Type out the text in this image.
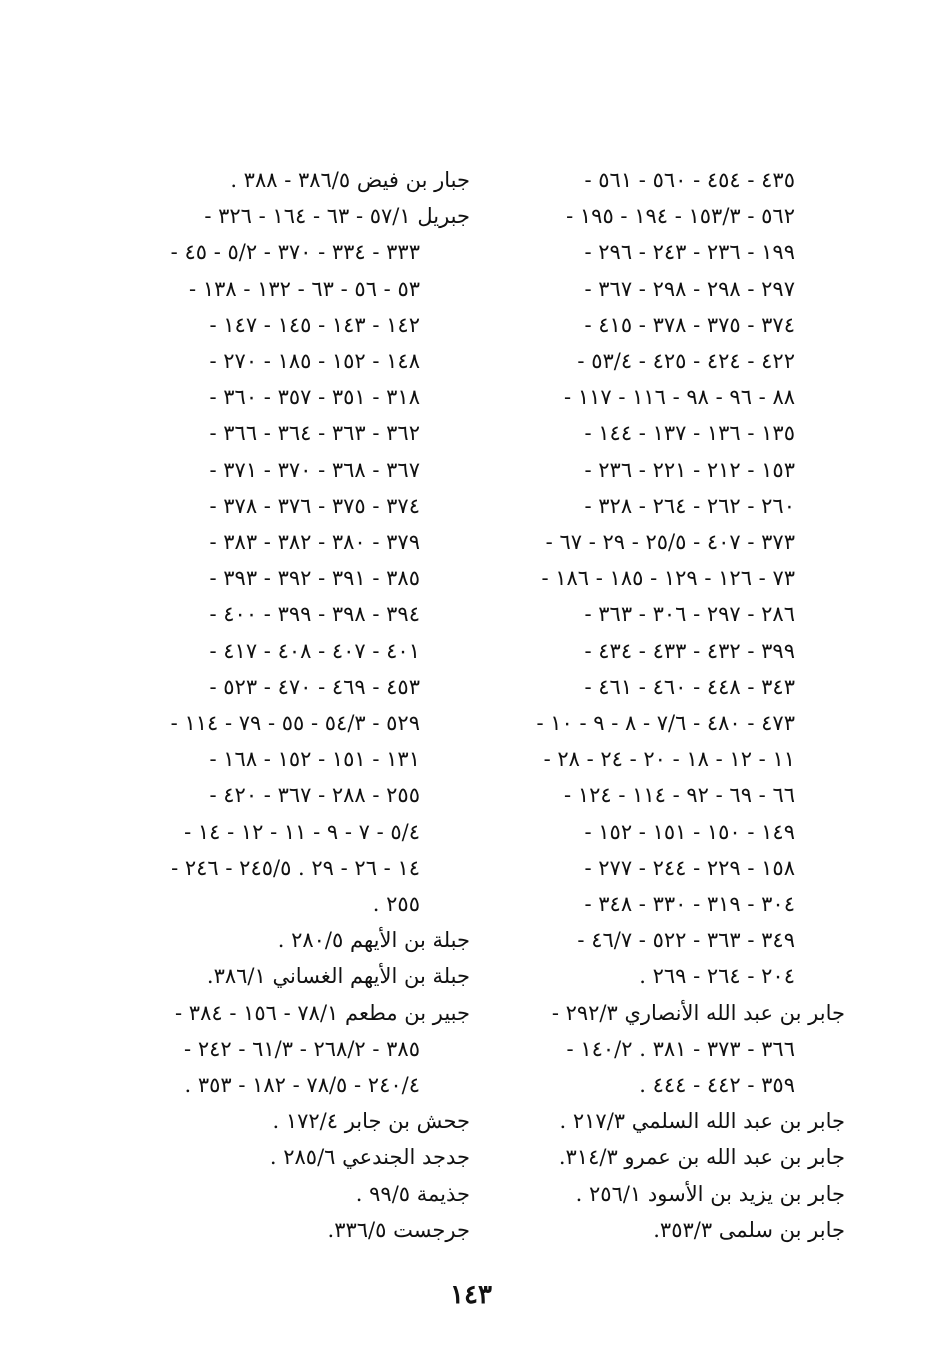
٤٣٥ - ٤٥٤ - ٥٦٠ - ٥٦١ -
٥٦٢ - ١٥٣/٣ - ١٩٤ - ١٩٥ -
١٩٩ - ٢٣٦ - ٢٤٣ - ٢٩٦ -
٢٩٧ - ٢٩٨ - ٢٩٨ - ٣٦٧ -
٣٧٤ - ٣٧٥ - ٣٧٨ - ٤١٥ -
٤٢٢ - ٤٢٤ - ٤٢٥ - ٥٣/٤ -
٨٨ - ٩٦ - ٩٨ - ١١٦ - ١١٧ -
١٣٥ - ١٣٦ - ١٣٧ - ١٤٤ -
١٥٣ - ٢١٢ - ٢٢١ - ٢٣٦ -
٢٦٠ - ٢٦٢ - ٢٦٤ - ٣٢٨ -
٣٧٣ - ٤٠٧ - ٢٥/٥ - ٢٩ - ٦٧ -
٧٣ - ١٢٦ - ١٢٩ - ١٨٥ - ١٨٦ -
٢٨٦ - ٢٩٧ - ٣٠٦ - ٣٦٣ -
٣٩٩ - ٤٣٢ - ٤٣٣ - ٤٣٤ -
٣٤٣ - ٤٤٨ - ٤٦٠ - ٤٦١ -
٤٧٣ - ٤٨٠ - ٧/٦ - ٨ - ٩ - ١٠ -
١١ - ١٢ - ١٨ - ٢٠ - ٢٤ - ٢٨ -
٦٦ - ٦٩ - ٩٢ - ١١٤ - ١٢٤ -
١٤٩ - ١٥٠ - ١٥١ - ١٥٢ -
١٥٨ - ٢٢٩ - ٢٤٤ - ٢٧٧ -
٣٠٤ - ٣١٩ - ٣٣٠ - ٣٤٨ -
٣٤٩ - ٣٦٣ - ٥٢٢ - ٤٦/٧ -
٢٠٤ - ٢٦٤ - ٢٦٩ .
جابر بن عبد الله الأنصاري ٢٩٢/٣ -
٣٦٦ - ٣٧٣ - ٣٨١ . ١٤٠/٢ -
٣٥٩ - ٤٤٢ - ٤٤٤ .
جابر بن عبد الله السلمي ٢١٧/٣ .
جابر بن عبد الله بن عمرو ٣١٤/٣.
جابر بن يزيد بن الأسود ٢٥٦/١ .
جابر بن سلمى ٣٥٣/٣.
جبار بن فيض ٣٨٦/٥ - ٣٨٨ .
جبريل ٥٧/١ - ٦٣ - ١٦٤ - ٣٢٦ -
٣٣٣ - ٣٣٤ - ٣٧٠ - ٥/٢ - ٤٥ -
٥٣ - ٥٦ - ٦٣ - ١٣٢ - ١٣٨ -
١٤٢ - ١٤٣ - ١٤٥ - ١٤٧ -
١٤٨ - ١٥٢ - ١٨٥ - ٢٧٠ -
٣١٨ - ٣٥١ - ٣٥٧ - ٣٦٠ -
٣٦٢ - ٣٦٣ - ٣٦٤ - ٣٦٦ -
٣٦٧ - ٣٦٨ - ٣٧٠ - ٣٧١ -
٣٧٤ - ٣٧٥ - ٣٧٦ - ٣٧٨ -
٣٧٩ - ٣٨٠ - ٣٨٢ - ٣٨٣ -
٣٨٥ - ٣٩١ - ٣٩٢ - ٣٩٣ -
٣٩٤ - ٣٩٨ - ٣٩٩ - ٤٠٠ -
٤٠١ - ٤٠٧ - ٤٠٨ - ٤١٧ -
٤٥٣ - ٤٦٩ - ٤٧٠ - ٥٢٣ -
٥٢٩ - ٥٤/٣ - ٥٥ - ٧٩ - ١١٤ -
١٣١ - ١٥١ - ١٥٢ - ١٦٨ -
٢٥٥ - ٢٨٨ - ٣٦٧ - ٤٢٠ -
٥/٤ - ٧ - ٩ - ١١ - ١٢ - ١٤ -
١٤ - ٢٦ - ٢٩ . ٢٤٥/٥ - ٢٤٦ -
٢٥٥ .
جبلة بن الأيهم ٢٨٠/٥ .
جبلة بن الأيهم الغساني ٣٨٦/١.
جبير بن مطعم ٧٨/١ - ١٥٦ - ٣٨٤ -
٣٨٥ - ٢٦٨/٢ - ٦١/٣ - ٢٤٢ -
٢٤٠/٤ - ٧٨/٥ - ١٨٢ - ٣٥٣ .
جحش بن جابر ١٧٢/٤ .
جدجد الجندعي ٢٨٥/٦ .
جذيمة ٩٩/٥ .
جرجست ٣٣٦/٥.
١٤٣
